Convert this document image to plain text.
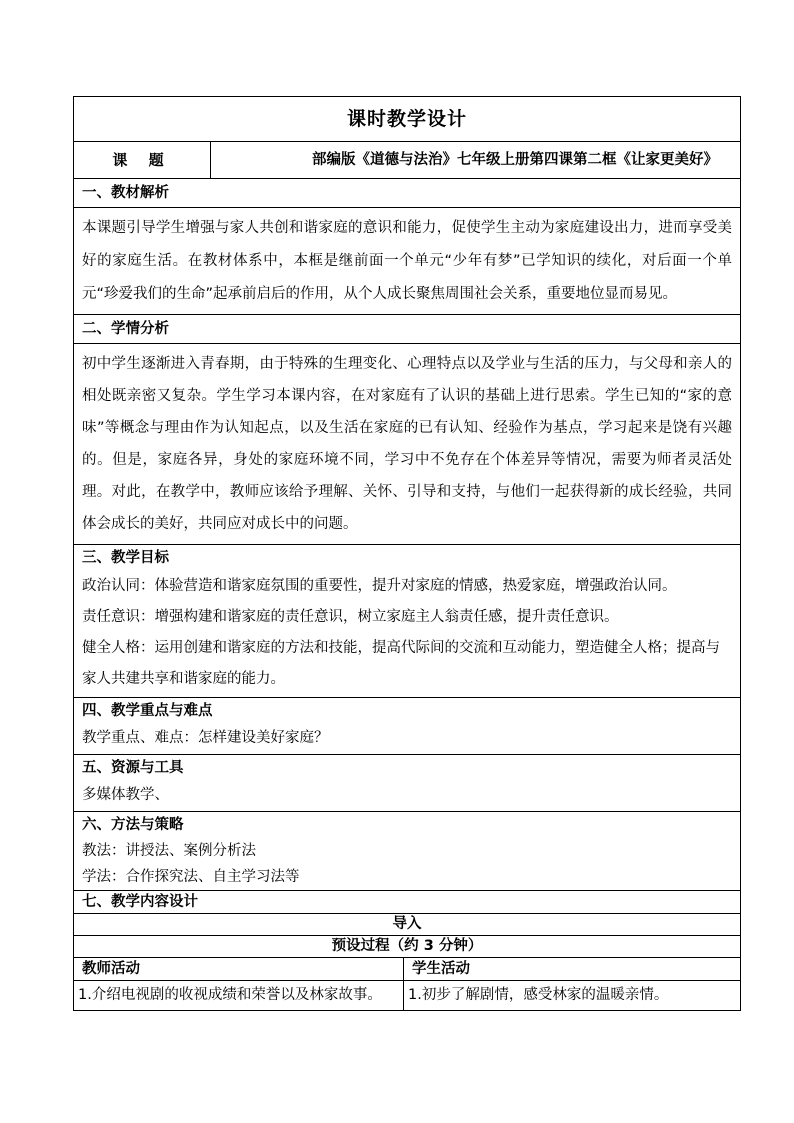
课时教学设计		
课 题	部编版《道德与法治》七年级上册第四课第二框《让家更美好》	
一、教材解析		

本课题引导学生增强与家人共创和谐家庭的意识和能力，促使学生主动为家庭建设出力，进而享受美好的家庭生活。在教材体系中，本框是继前面一个单元“少年有梦”已学知识的续化，对后面一个单元“珍爱我们的生命”起承前启后的作用，从个人成长聚焦周围社会关系，重要地位显而易见。		

二、学情分析		

初中学生逐渐进入青春期，由于特殊的生理变化、心理特点以及学业与生活的压力，与父母和亲人的相处既亲密又复杂。学生学习本课内容，在对家庭有了认识的基础上进行思索。学生已知的“家的意味”等概念与理由作为认知起点，以及生活在家庭的已有认知、经验作为基点，学习起来是饶有兴趣的。但是，家庭各异，身处的家庭环境不同，学习中不免存在个体差异等情况，需要为师者灵活处理。对此，在教学中，教师应该给予理解、关怀、引导和支持，与他们一起获得新的成长经验，共同体会成长的美好，共同应对成长中的问题。		

三、教学目标

政治认同：体验营造和谐家庭氛围的重要性，提升对家庭的情感，热爱家庭，增强政治认同。

责任意识：增强构建和谐家庭的责任意识，树立家庭主人翁责任感，提升责任意识。

健全人格：运用创建和谐家庭的方法和技能，提高代际间的交流和互动能力，塑造健全人格；提高与家人共建共享和谐家庭的能力。		

四、教学重点与难点

教学重点、难点：怎样建设美好家庭？		

五、资源与工具

多媒体教学、		

六、方法与策略

教法：讲授法、案例分析法

学法：合作探究法、自主学习法等		

七、教学内容设计		
导入		
预设过程（约 3 分钟）		
教师活动		学生活动
1.介绍电视剧的收视成绩和荣誉以及林家故事。		1.初步了解剧情，感受林家的温暖亲情。
